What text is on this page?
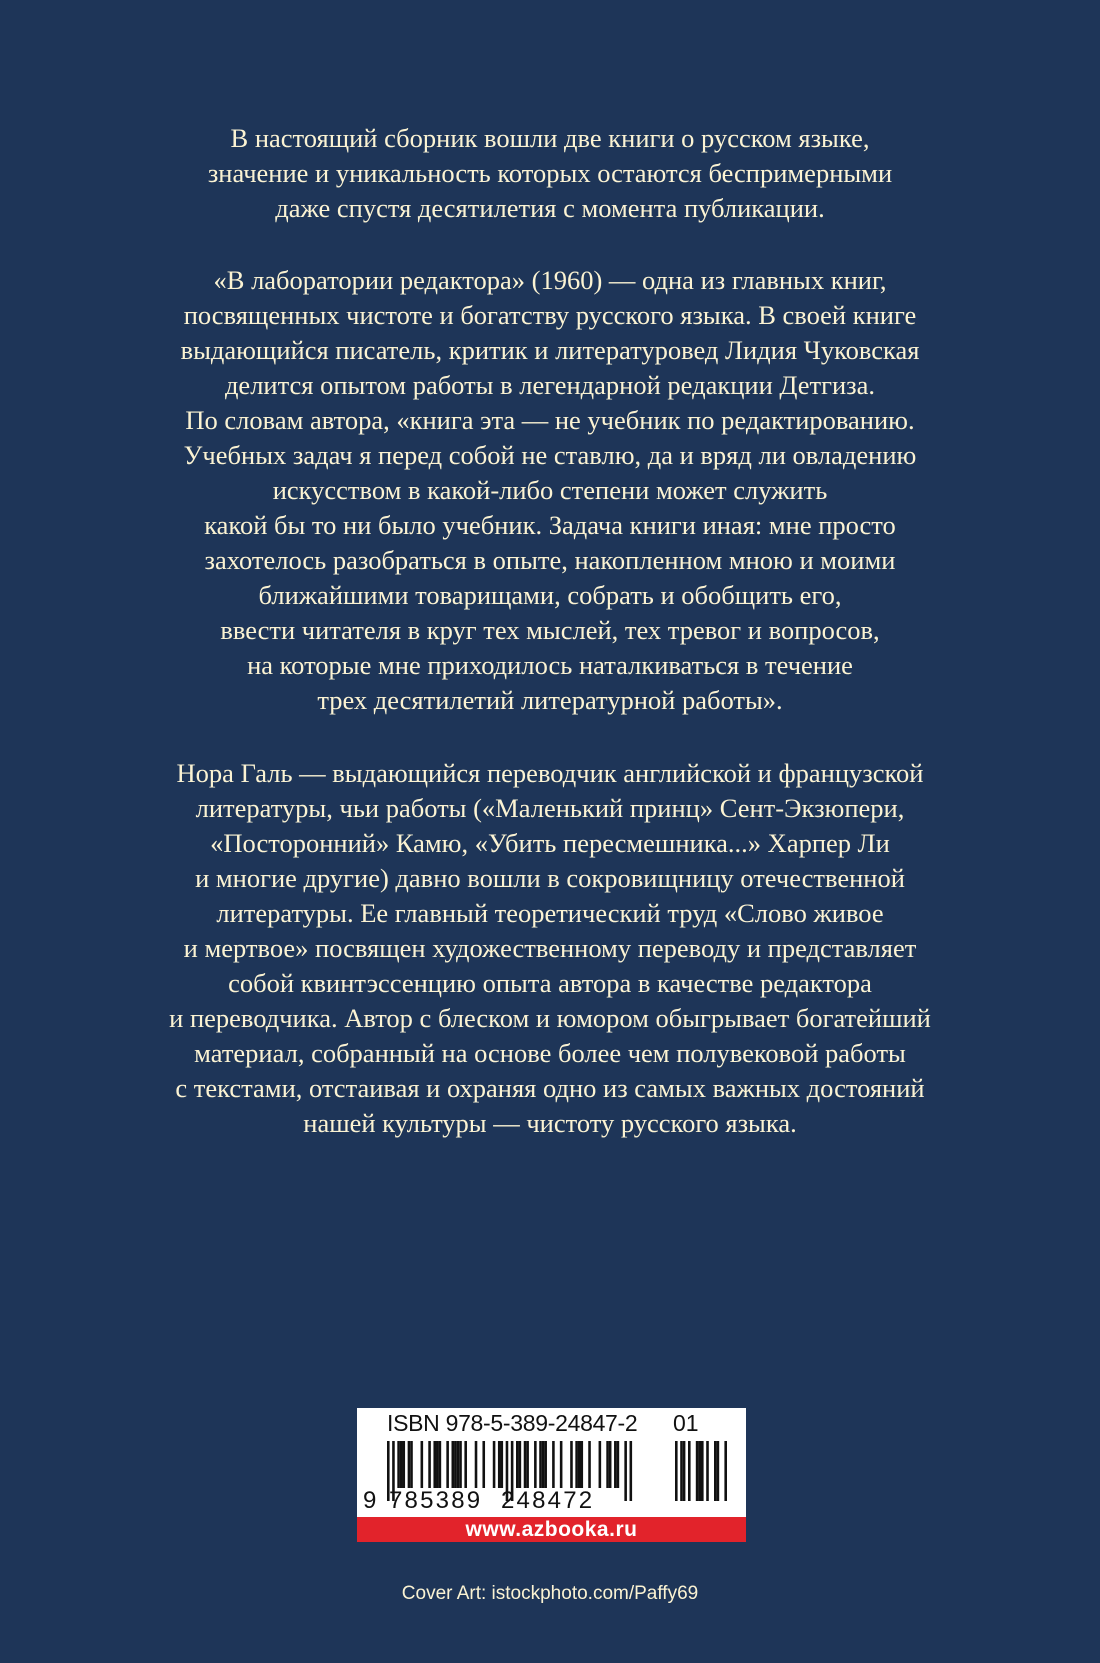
В настоящий сборник вошли две книги о русском языке,
значение и уникальность которых остаются беспримерными
даже спустя десятилетия с момента публикации.
«В лаборатории редактора» (1960) — одна из главных книг,
посвященных чистоте и богатству русского языка. В своей книге
выдающийся писатель, критик и литературовед Лидия Чуковская
делится опытом работы в легендарной редакции Детгиза.
По словам автора, «книга эта — не учебник по редактированию.
Учебных задач я перед собой не ставлю, да и вряд ли овладению
искусством в какой-либо степени может служить
какой бы то ни было учебник. Задача книги иная: мне просто
захотелось разобраться в опыте, накопленном мною и моими
ближайшими товарищами, собрать и обобщить его,
ввести читателя в круг тех мыслей, тех тревог и вопросов,
на которые мне приходилось наталкиваться в течение
трех десятилетий литературной работы».
Нора Галь — выдающийся переводчик английской и французской
литературы, чьи работы («Маленький принц» Сент-Экзюпери,
«Посторонний» Камю, «Убить пересмешника...» Харпер Ли
и многие другие) давно вошли в сокровищницу отечественной
литературы. Ее главный теоретический труд «Слово живое
и мертвое» посвящен художественному переводу и представляет
собой квинтэссенцию опыта автора в качестве редактора
и переводчика. Автор с блеском и юмором обыгрывает богатейший
материал, собранный на основе более чем полувековой работы
с текстами, отстаивая и охраняя одно из самых важных достояний
нашей культуры — чистоту русского языка.
ISBN 978-5-389-24847-2 01
9 785389 248472
www.azbooka.ru
Cover Art: istockphoto.com/Paffy69
